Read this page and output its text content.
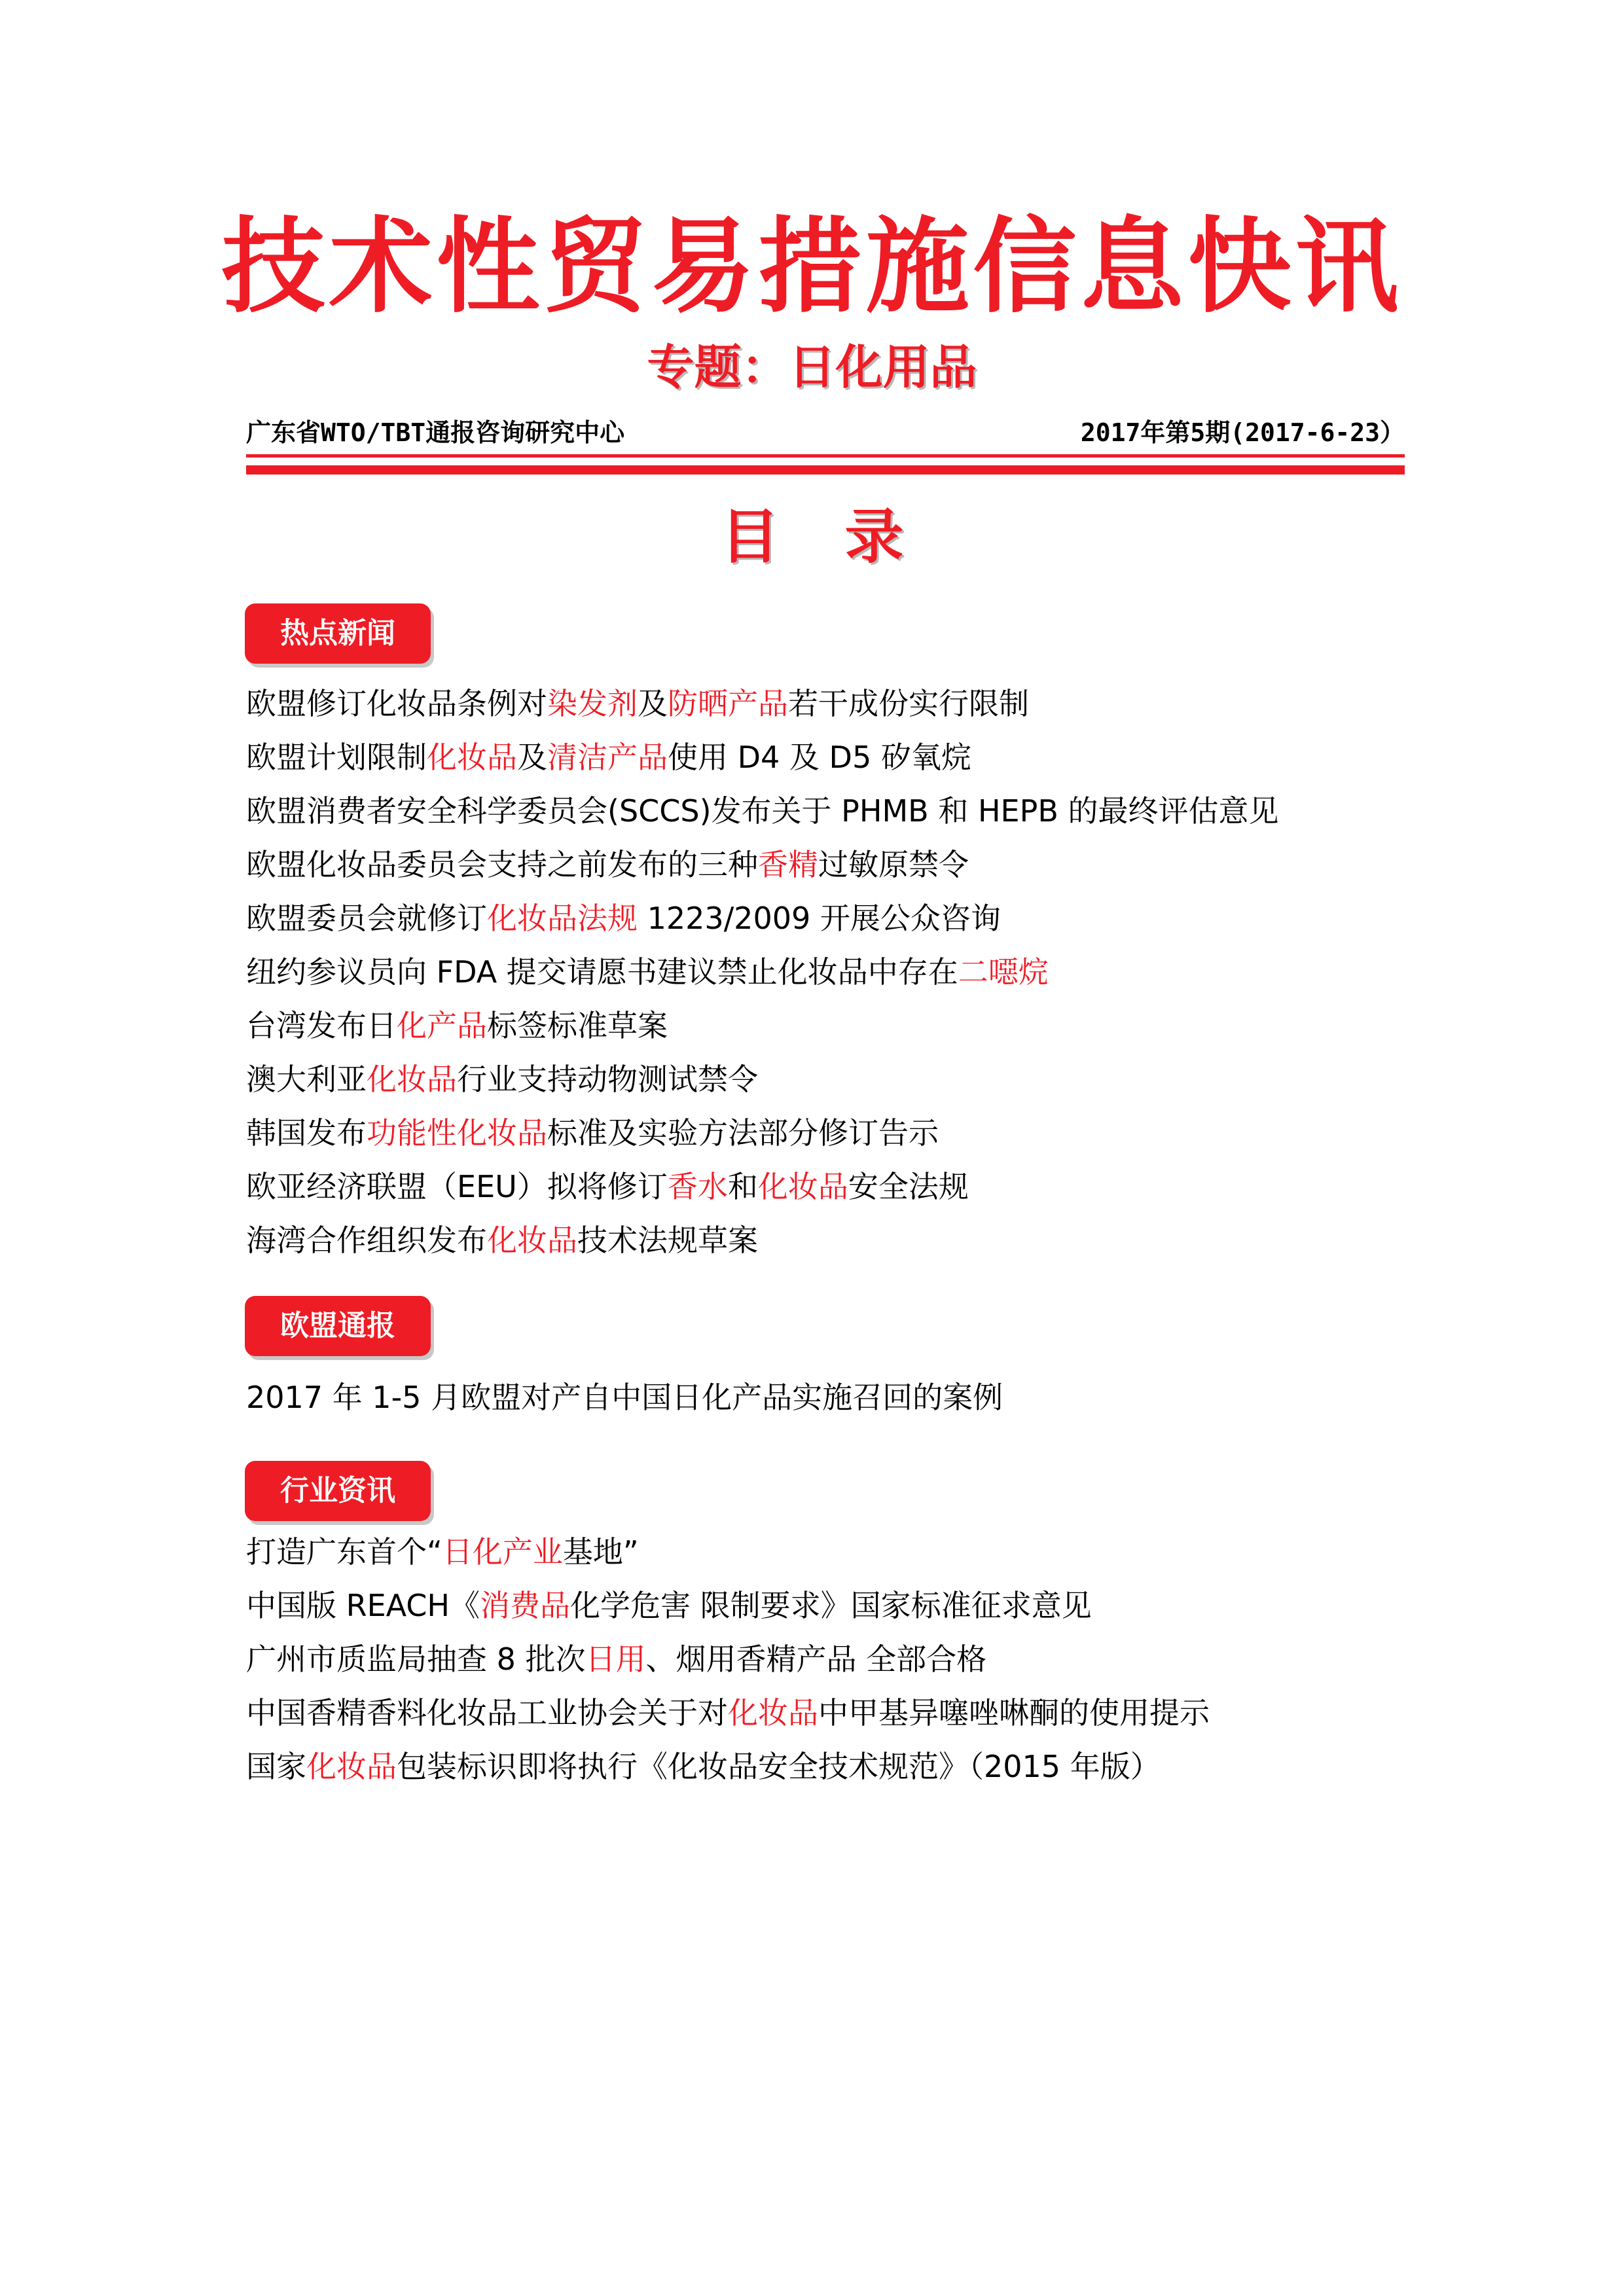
技术性贸易措施信息快讯
专题：日化用品
广东省WTO/TBT通报咨询研究中心	2017年第5期(2017-6-23）
目录
热点新闻
欧盟修订化妆品条例对染发剂及防晒产品若干成份实行限制
欧盟计划限制化妆品及清洁产品使用 D4 及 D5 矽氧烷
欧盟消费者安全科学委员会(SCCS)发布关于 PHMB 和 HEPB 的最终评估意见
欧盟化妆品委员会支持之前发布的三种香精过敏原禁令
欧盟委员会就修订化妆品法规 1223/2009 开展公众咨询
纽约参议员向 FDA 提交请愿书建议禁止化妆品中存在二噁烷
台湾发布日化产品标签标准草案
澳大利亚化妆品行业支持动物测试禁令
韩国发布功能性化妆品标准及实验方法部分修订告示
欧亚经济联盟（EEU）拟将修订香水和化妆品安全法规
海湾合作组织发布化妆品技术法规草案
欧盟通报
2017 年 1-5 月欧盟对产自中国日化产品实施召回的案例
行业资讯
打造广东首个“日化产业基地”
中国版 REACH《消费品化学危害 限制要求》国家标准征求意见
广州市质监局抽查 8 批次日用、烟用香精产品 全部合格
中国香精香料化妆品工业协会关于对化妆品中甲基异噻唑啉酮的使用提示
国家化妆品包装标识即将执行《化妆品安全技术规范》（2015 年版）
